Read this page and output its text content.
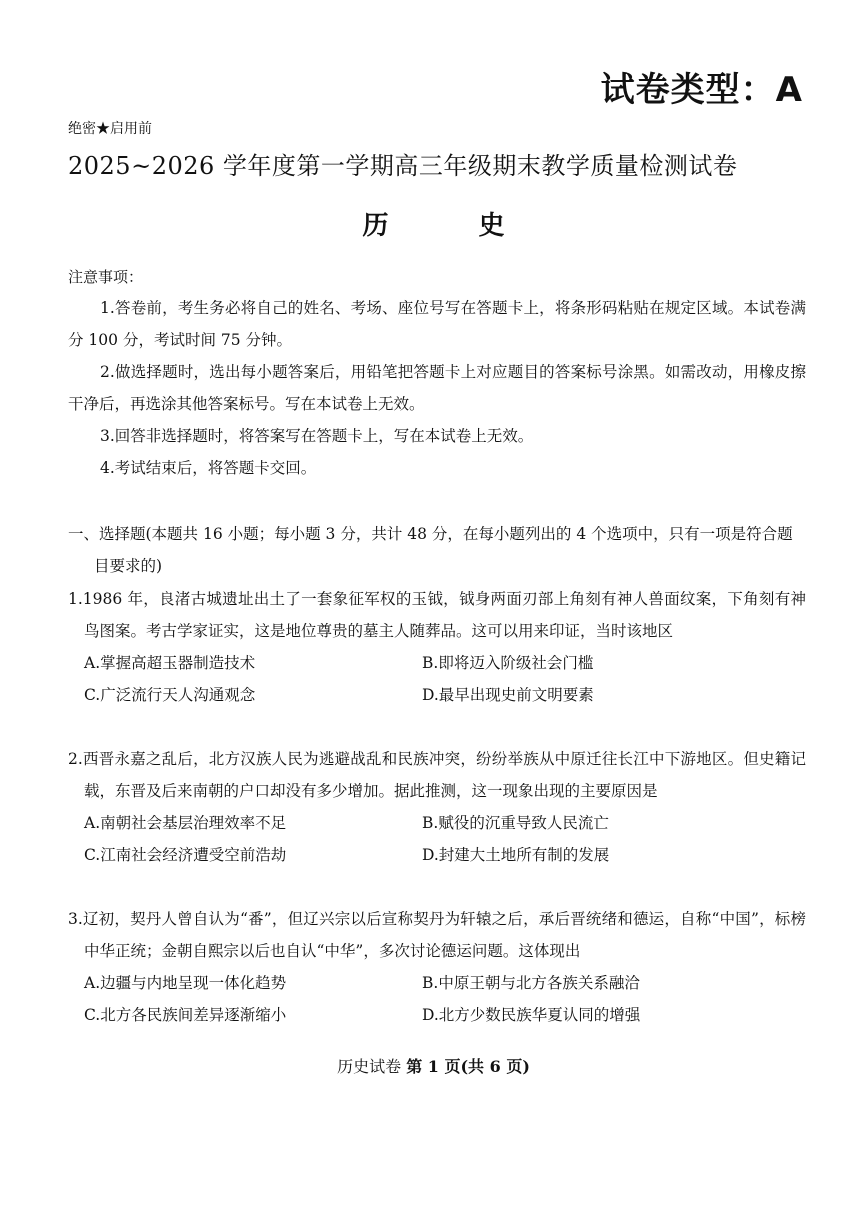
试卷类型：A
绝密★启用前
2025~2026 学年度第一学期高三年级期末教学质量检测试卷
历	史
注意事项：
1.答卷前，考生务必将自己的姓名、考场、座位号写在答题卡上，将条形码粘贴在规定区域。本试卷满分 100 分，考试时间 75 分钟。
2.做选择题时，选出每小题答案后，用铅笔把答题卡上对应题目的答案标号涂黑。如需改动，用橡皮擦干净后，再选涂其他答案标号。写在本试卷上无效。
3.回答非选择题时，将答案写在答题卡上，写在本试卷上无效。
4.考试结束后，将答题卡交回。
一、选择题(本题共 16 小题；每小题 3 分，共计 48 分，在每小题列出的 4 个选项中，只有一项是符合题目要求的)
1.1986 年，良渚古城遗址出土了一套象征军权的玉钺，钺身两面刃部上角刻有神人兽面纹案，下角刻有神鸟图案。考古学家证实，这是地位尊贵的墓主人随葬品。这可以用来印证，当时该地区
A.掌握高超玉器制造技术	B.即将迈入阶级社会门槛
C.广泛流行天人沟通观念	D.最早出现史前文明要素
2.西晋永嘉之乱后，北方汉族人民为逃避战乱和民族冲突，纷纷举族从中原迁往长江中下游地区。但史籍记载，东晋及后来南朝的户口却没有多少增加。据此推测，这一现象出现的主要原因是
A.南朝社会基层治理效率不足	B.赋役的沉重导致人民流亡
C.江南社会经济遭受空前浩劫	D.封建大土地所有制的发展
3.辽初，契丹人曾自认为“番”，但辽兴宗以后宣称契丹为轩辕之后，承后晋统绪和德运，自称“中国”，标榜中华正统；金朝自熙宗以后也自认“中华”，多次讨论德运问题。这体现出
A.边疆与内地呈现一体化趋势	B.中原王朝与北方各族关系融洽
C.北方各民族间差异逐渐缩小	D.北方少数民族华夏认同的增强
历史试卷 第 1 页(共 6 页)
